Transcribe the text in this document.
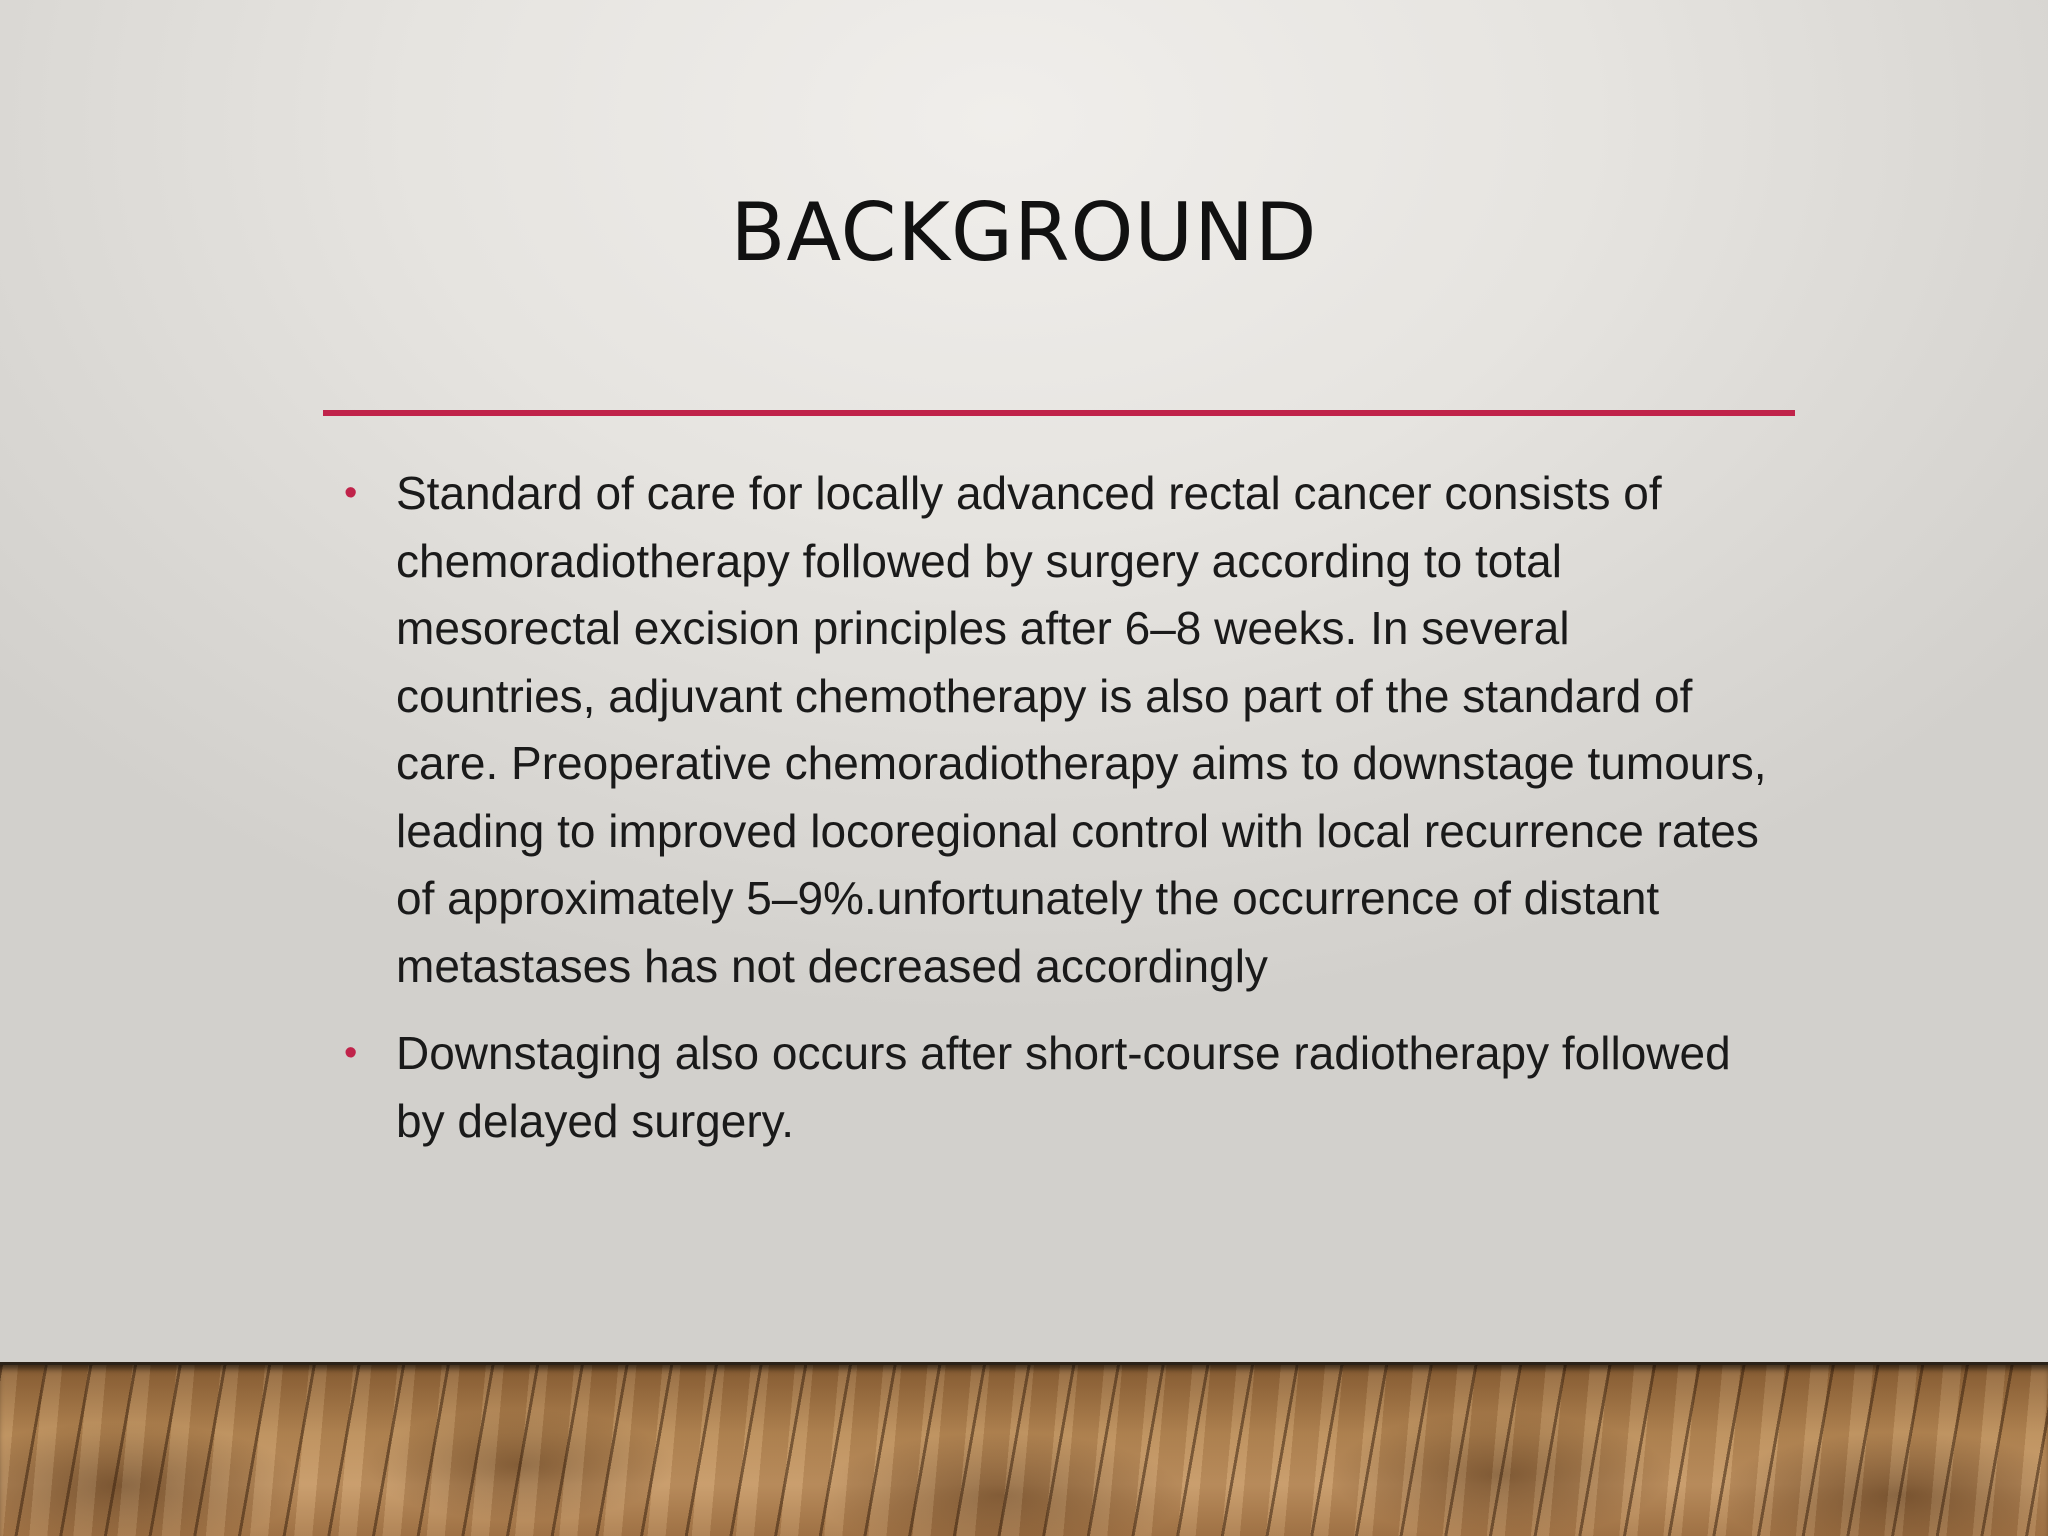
BACKGROUND
• Standard of care for locally advanced rectal cancer consists of chemoradiotherapy followed by surgery according to total mesorectal excision principles after 6–8 weeks. In several countries, adjuvant chemotherapy is also part of the standard of care. Preoperative chemoradiotherapy aims to downstage tumours, leading to improved locoregional control with local recurrence rates of approximately 5–9%.unfortunately the occurrence of distant metastases has not decreased accordingly
• Downstaging also occurs after short-course radiotherapy followed by delayed surgery.
